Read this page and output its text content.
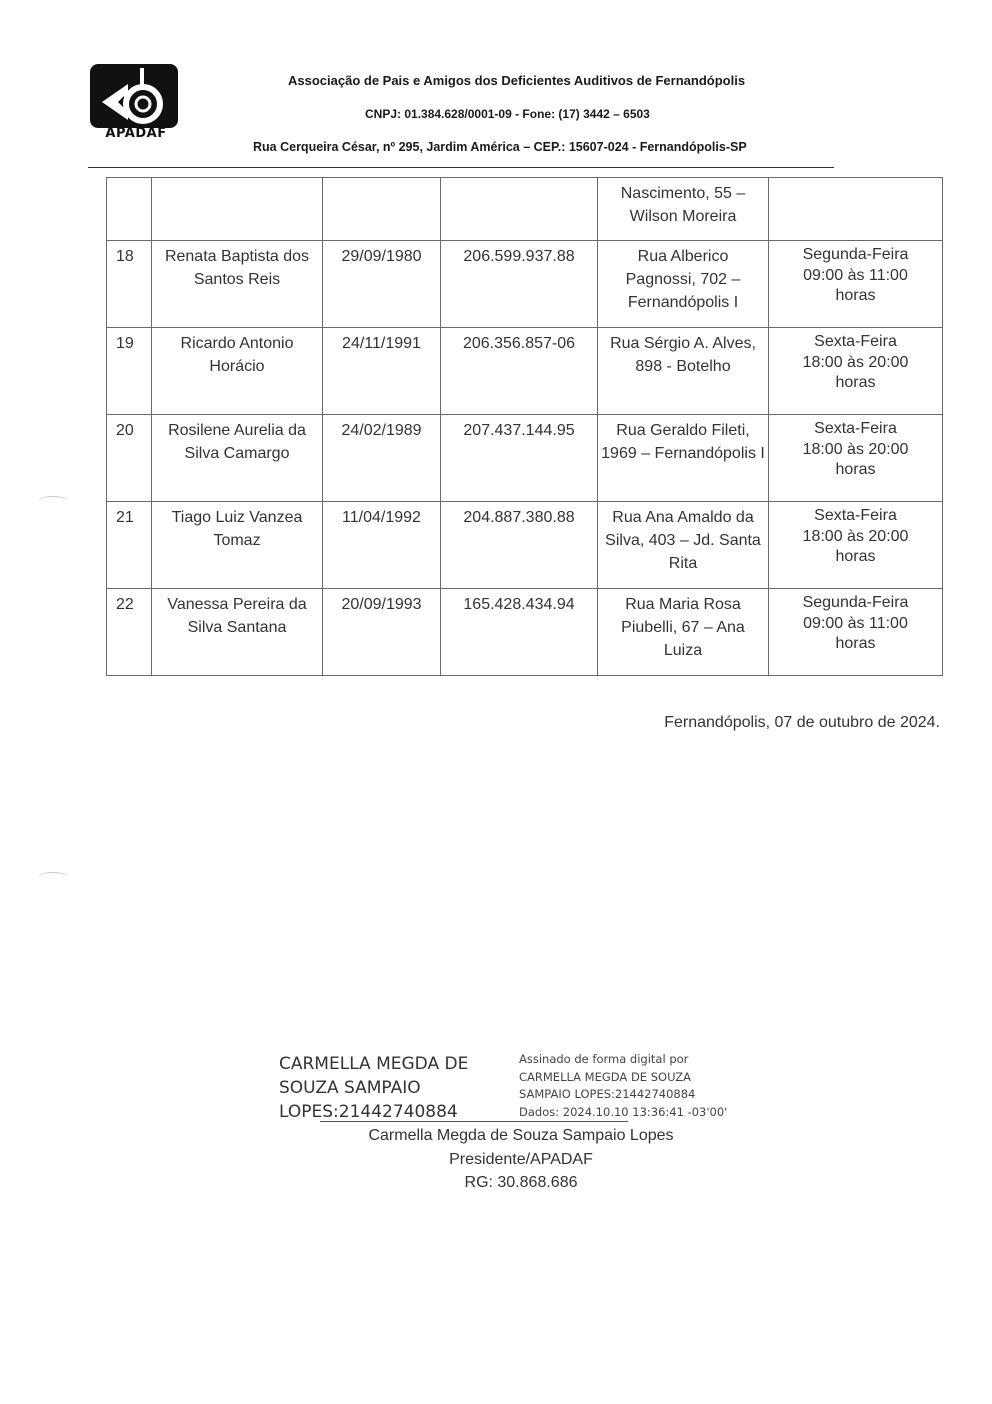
APADAF
Associação de Pais e Amigos dos Deficientes Auditivos de Fernandópolis
CNPJ: 01.384.628/0001-09 - Fone: (17) 3442 – 6503
Rua Cerqueira César, nº 295, Jardim América – CEP.: 15607-024 - Fernandópolis-SP
				Nascimento, 55 – Wilson Moreira	

18	Renata Baptista dos Santos Reis	29/09/1980	206.599.937.88	Rua Alberico Pagnossi, 702 – Fernandópolis I	Segunda-Feira
09:00 às 11:00
horas

19	Ricardo Antonio Horácio	24/11/1991	206.356.857-06	Rua Sérgio A. Alves, 898 - Botelho	Sexta-Feira
18:00 às 20:00
horas

20	Rosilene Aurelia da Silva Camargo	24/02/1989	207.437.144.95	Rua Geraldo Fileti, 1969 – Fernandópolis I	Sexta-Feira
18:00 às 20:00
horas

21	Tiago Luiz Vanzea Tomaz	11/04/1992	204.887.380.88	Rua Ana Amaldo da Silva, 403 – Jd. Santa Rita	Sexta-Feira
18:00 às 20:00
horas

22	Vanessa Pereira da Silva Santana	20/09/1993	165.428.434.94	Rua Maria Rosa Piubelli, 67 – Ana Luiza	Segunda-Feira
09:00 às 11:00
horas
Fernandópolis, 07 de outubro de 2024.
CARMELLA MEGDA DE
SOUZA SAMPAIO
LOPES:21442740884
Assinado de forma digital por
CARMELLA MEGDA DE SOUZA
SAMPAIO LOPES:21442740884
Dados: 2024.10.10 13:36:41 -03'00'
Carmella Megda de Souza Sampaio Lopes
Presidente/APADAF
RG: 30.868.686
